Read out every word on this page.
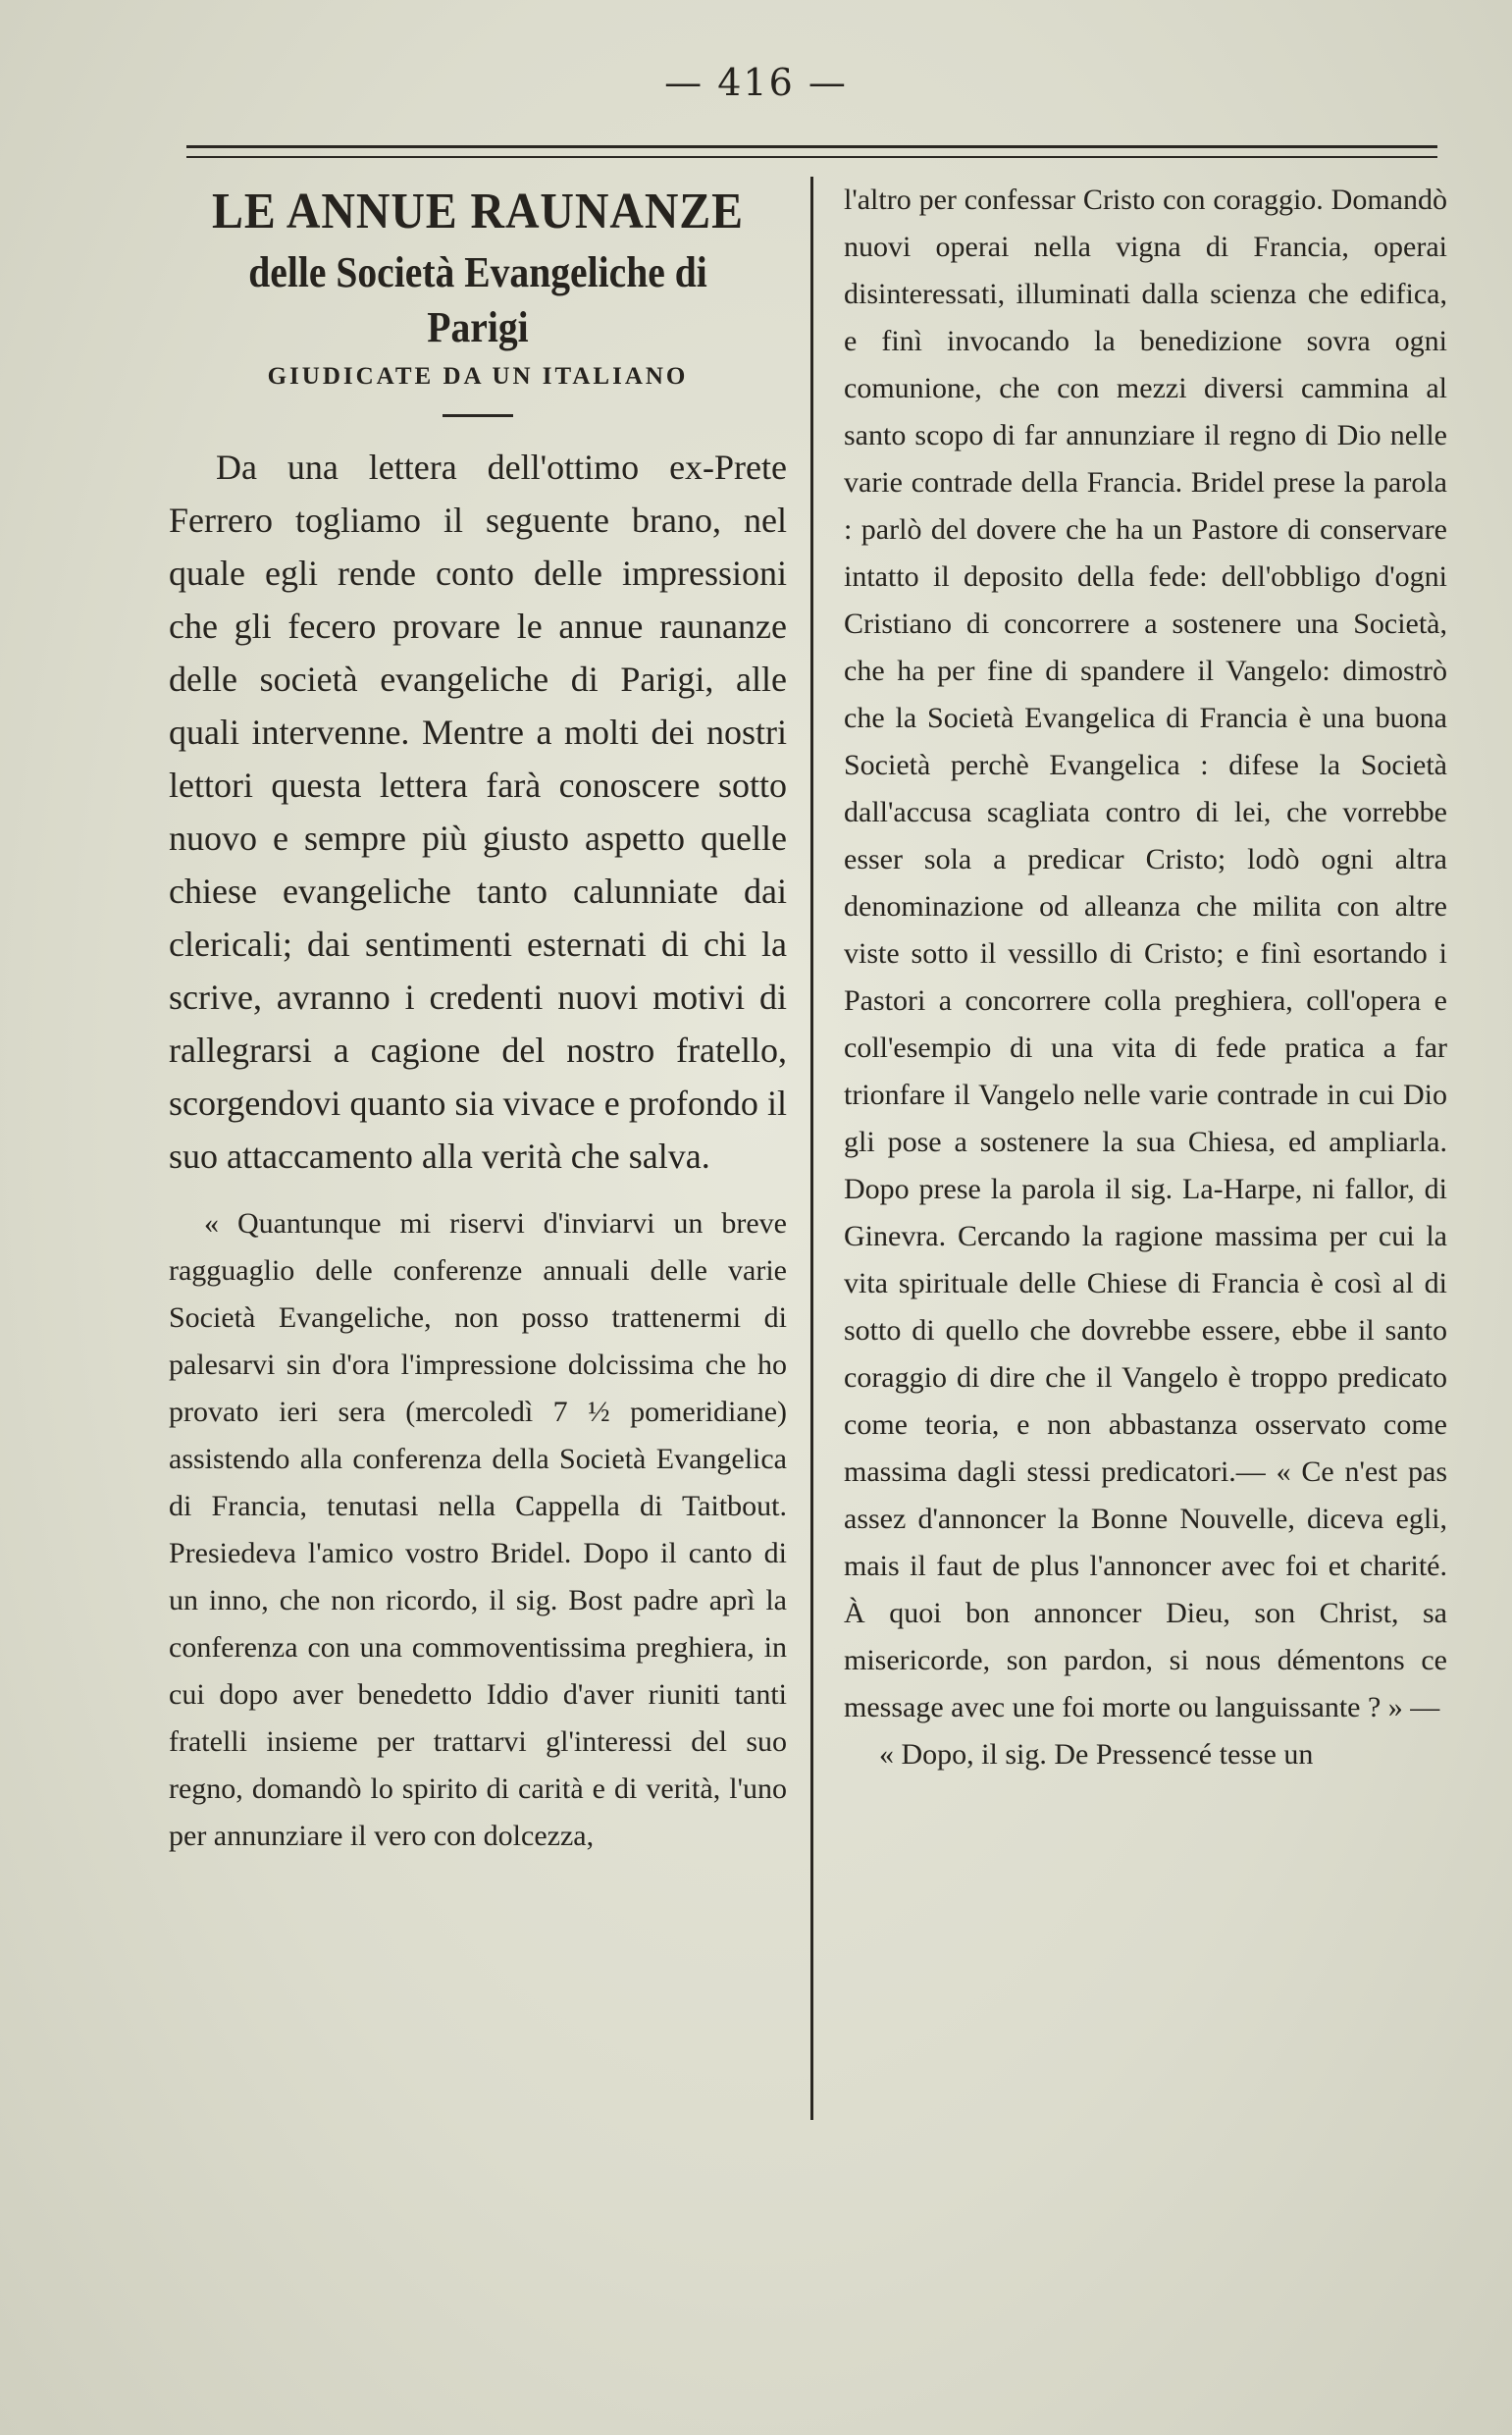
— 416 —
LE ANNUE RAUNANZE
delle Società Evangeliche di Parigi
GIUDICATE DA UN ITALIANO

Da una lettera dell'ottimo ex-Prete Ferrero togliamo il seguente brano, nel quale egli rende conto delle impressioni che gli fecero provare le annue raunanze delle società evangeliche di Parigi, alle quali intervenne. Mentre a molti dei nostri lettori questa lettera farà conoscere sotto nuovo e sempre più giusto aspetto quelle chiese evangeliche tanto calunniate dai clericali; dai sentimenti esternati di chi la scrive, avranno i credenti nuovi motivi di rallegrarsi a cagione del nostro fratello, scorgendovi quanto sia vivace e profondo il suo attaccamento alla verità che salva.

« Quantunque mi riservi d'inviarvi un breve ragguaglio delle conferenze annuali delle varie Società Evangeliche, non posso trattenermi di palesarvi sin d'ora l'impressione dolcissima che ho provato ieri sera (mercoledì 7 ½ pomeridiane) assistendo alla conferenza della Società Evangelica di Francia, tenutasi nella Cappella di Taitbout. Presiedeva l'amico vostro Bridel. Dopo il canto di un inno, che non ricordo, il sig. Bost padre aprì la conferenza con una commoventissima preghiera, in cui dopo aver benedetto Iddio d'aver riuniti tanti fratelli insieme per trattarvi gl'interessi del suo regno, domandò lo spirito di carità e di verità, l'uno per annunziare il vero con dolcezza,

l'altro per confessar Cristo con coraggio. Domandò nuovi operai nella vigna di Francia, operai disinteressati, illuminati dalla scienza che edifica, e finì invocando la benedizione sovra ogni comunione, che con mezzi diversi cammina al santo scopo di far annunziare il regno di Dio nelle varie contrade della Francia. Bridel prese la parola : parlò del dovere che ha un Pastore di conservare intatto il deposito della fede: dell'obbligo d'ogni Cristiano di concorrere a sostenere una Società, che ha per fine di spandere il Vangelo: dimostrò che la Società Evangelica di Francia è una buona Società perchè Evangelica : difese la Società dall'accusa scagliata contro di lei, che vorrebbe esser sola a predicar Cristo; lodò ogni altra denominazione od alleanza che milita con altre viste sotto il vessillo di Cristo; e finì esortando i Pastori a concorrere colla preghiera, coll'opera e coll'esempio di una vita di fede pratica a far trionfare il Vangelo nelle varie contrade in cui Dio gli pose a sostenere la sua Chiesa, ed ampliarla. Dopo prese la parola il sig. La-Harpe, ni fallor, di Ginevra. Cercando la ragione massima per cui la vita spirituale delle Chiese di Francia è così al di sotto di quello che dovrebbe essere, ebbe il santo coraggio di dire che il Vangelo è troppo predicato come teoria, e non abbastanza osservato come massima dagli stessi predicatori.— « Ce n'est pas assez d'annoncer la Bonne Nouvelle, diceva egli, mais il faut de plus l'annoncer avec foi et charité. À quoi bon annoncer Dieu, son Christ, sa misericorde, son pardon, si nous démentons ce message avec une foi morte ou languissante ? » —

« Dopo, il sig. De Pressencé tesse un
